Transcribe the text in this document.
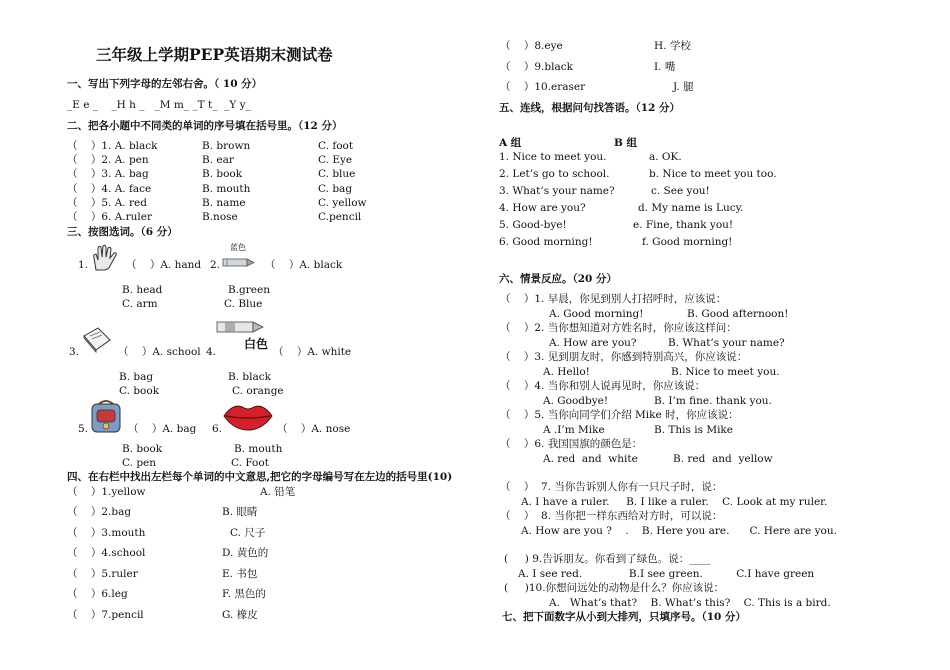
三年级上学期PEP英语期末测试卷
一、写出下列字母的左邻右舍。（ 10 分）
_E e _    _H h _   _M m_ _T t_  _Y y_
二、把各小题中不同类的单词的序号填在括号里。（12 分）
（    ）1. A. black	B. brown	C. foot
（    ）2. A. pen	B. ear	C. Eye
（    ）3. A. bag	B. book	C. blue
（    ）4. A. face	B. mouth	C. bag
（    ）5. A. red	B. name	C. yellow
（    ）6. A.ruler	B.nose	C.pencil
三、按图选词。（6 分）
1.	（    ）A. hand 2.
蓝色
（    ）A. black
B. head	B.green
C. arm	C. Blue
3.	（    ）A. school 4.
白色
（    ）A. white
B. bag	B. black
C. book	C. orange
5.	（    ）A. bag 6.	（    ）A. nose
B. book	B. mouth
C. pen	C. Foot
四、在右栏中找出左栏每个单词的中文意思,把它的字母编号写在左边的括号里(10)
（    ）1.yellow	A. 铅笔
（    ）2.bag	B. 眼睛
（    ）3.mouth	C. 尺子
（    ）4.school	D. 黄色的
（    ）5.ruler	E. 书包
（    ）6.leg	F. 黑色的
（    ）7.pencil	G. 橡皮
（    ）8.eye	H. 学校
（    ）9.black	I. 嘴
（    ）10.eraser	J. 腿
五、连线，根据问句找答语。（12 分）
A 组	B 组
1. Nice to meet you.	a. OK.
2. Let’s go to school.	b. Nice to meet you too.
3. What’s your name?	c. See you!
4. How are you?	d. My name is Lucy.
5. Good-bye!	e. Fine, thank you!
6. Good morning!	f. Good morning!
六、情景反应。（20 分）
（    ）1. 早晨，你见到别人打招呼时，应该说：
A. Good morning!	B. Good afternoon!
（    ）2. 当你想知道对方姓名时，你应该这样问：
A. How are you?	B. What’s your name?
（    ）3. 见到朋友时，你感到特别高兴，你应该说：
A. Hello!	B. Nice to meet you.
（    ）4. 当你和别人说再见时，你应该说：
A. Goodbye!	B. I’m fine. thank you.
（    ）5. 当你向同学们介绍 Mike 时，你应该说：
A .I’m Mike	B. This is Mike
（    ）6. 我国国旗的颜色是：
A. red  and  white	B. red  and  yellow
（    ）  7. 当你告诉别人你有一只尺子时，说：
A. I have a ruler.     B. I like a ruler.    C. Look at my ruler.
（    ）  8. 当你把一样东西给对方时，可以说：
A. How are you ?    .    B. Here you are.      C. Here are you.
(     ) 9.告诉朋友。你看到了绿色。说：____
A. I see red.              B.I see green.          C.I have green
(     )10.你想问远处的动物是什么？你应该说：
A.   What’s that?    B. What’s this?    C. This is a bird.
七、把下面数字从小到大排列，只填序号。（10 分）
